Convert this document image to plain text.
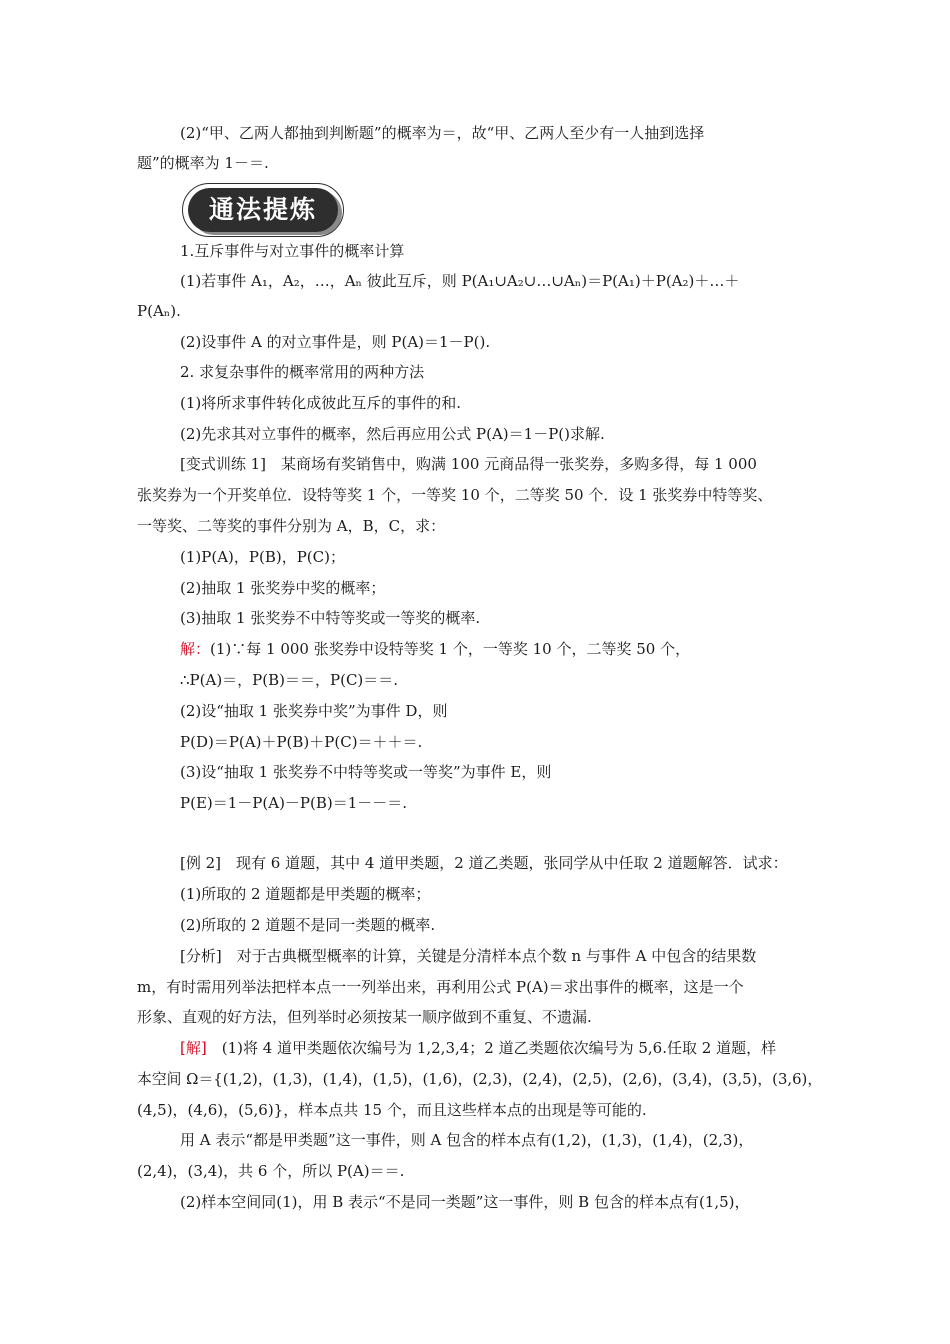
通法提炼
(2)“甲、乙两人都抽到判断题”的概率为＝，故“甲、乙两人至少有一人抽到选择
题”的概率为 1－＝.
1.互斥事件与对立事件的概率计算
(1)若事件 A₁，A₂，…，Aₙ 彼此互斥，则 P(A₁∪A₂∪…∪Aₙ)＝P(A₁)＋P(A₂)＋…＋
P(Aₙ).
(2)设事件 A 的对立事件是，则 P(A)＝1－P().
2. 求复杂事件的概率常用的两种方法
(1)将所求事件转化成彼此互斥的事件的和.
(2)先求其对立事件的概率，然后再应用公式 P(A)＝1－P()求解.
[变式训练 1]　某商场有奖销售中，购满 100 元商品得一张奖券，多购多得，每 1 000
张奖券为一个开奖单位．设特等奖 1 个，一等奖 10 个，二等奖 50 个．设 1 张奖券中特等奖、
一等奖、二等奖的事件分别为 A，B，C，求：
(1)P(A)，P(B)，P(C)；
(2)抽取 1 张奖券中奖的概率；
(3)抽取 1 张奖券不中特等奖或一等奖的概率.
解：(1)∵每 1 000 张奖券中设特等奖 1 个，一等奖 10 个，二等奖 50 个，
∴P(A)＝，P(B)＝＝，P(C)＝＝.
(2)设“抽取 1 张奖券中奖”为事件 D，则
P(D)＝P(A)＋P(B)＋P(C)＝＋＋＝.
(3)设“抽取 1 张奖券不中特等奖或一等奖”为事件 E，则
P(E)＝1－P(A)－P(B)＝1－－＝.
[例 2]　现有 6 道题，其中 4 道甲类题，2 道乙类题，张同学从中任取 2 道题解答．试求：
(1)所取的 2 道题都是甲类题的概率；
(2)所取的 2 道题不是同一类题的概率.
[分析]　对于古典概型概率的计算，关键是分清样本点个数 n 与事件 A 中包含的结果数
m，有时需用列举法把样本点一一列举出来，再利用公式 P(A)＝求出事件的概率，这是一个
形象、直观的好方法，但列举时必须按某一顺序做到不重复、不遗漏.
[解]　(1)将 4 道甲类题依次编号为 1,2,3,4；2 道乙类题依次编号为 5,6.任取 2 道题，样
本空间 Ω＝{(1,2)，(1,3)，(1,4)，(1,5)，(1,6)，(2,3)，(2,4)，(2,5)，(2,6)，(3,4)，(3,5)，(3,6)，
(4,5)，(4,6)，(5,6)}，样本点共 15 个，而且这些样本点的出现是等可能的.
用 A 表示“都是甲类题”这一事件，则 A 包含的样本点有(1,2)，(1,3)，(1,4)，(2,3)，
(2,4)，(3,4)，共 6 个，所以 P(A)＝＝.
(2)样本空间同(1)，用 B 表示“不是同一类题”这一事件，则 B 包含的样本点有(1,5)，
